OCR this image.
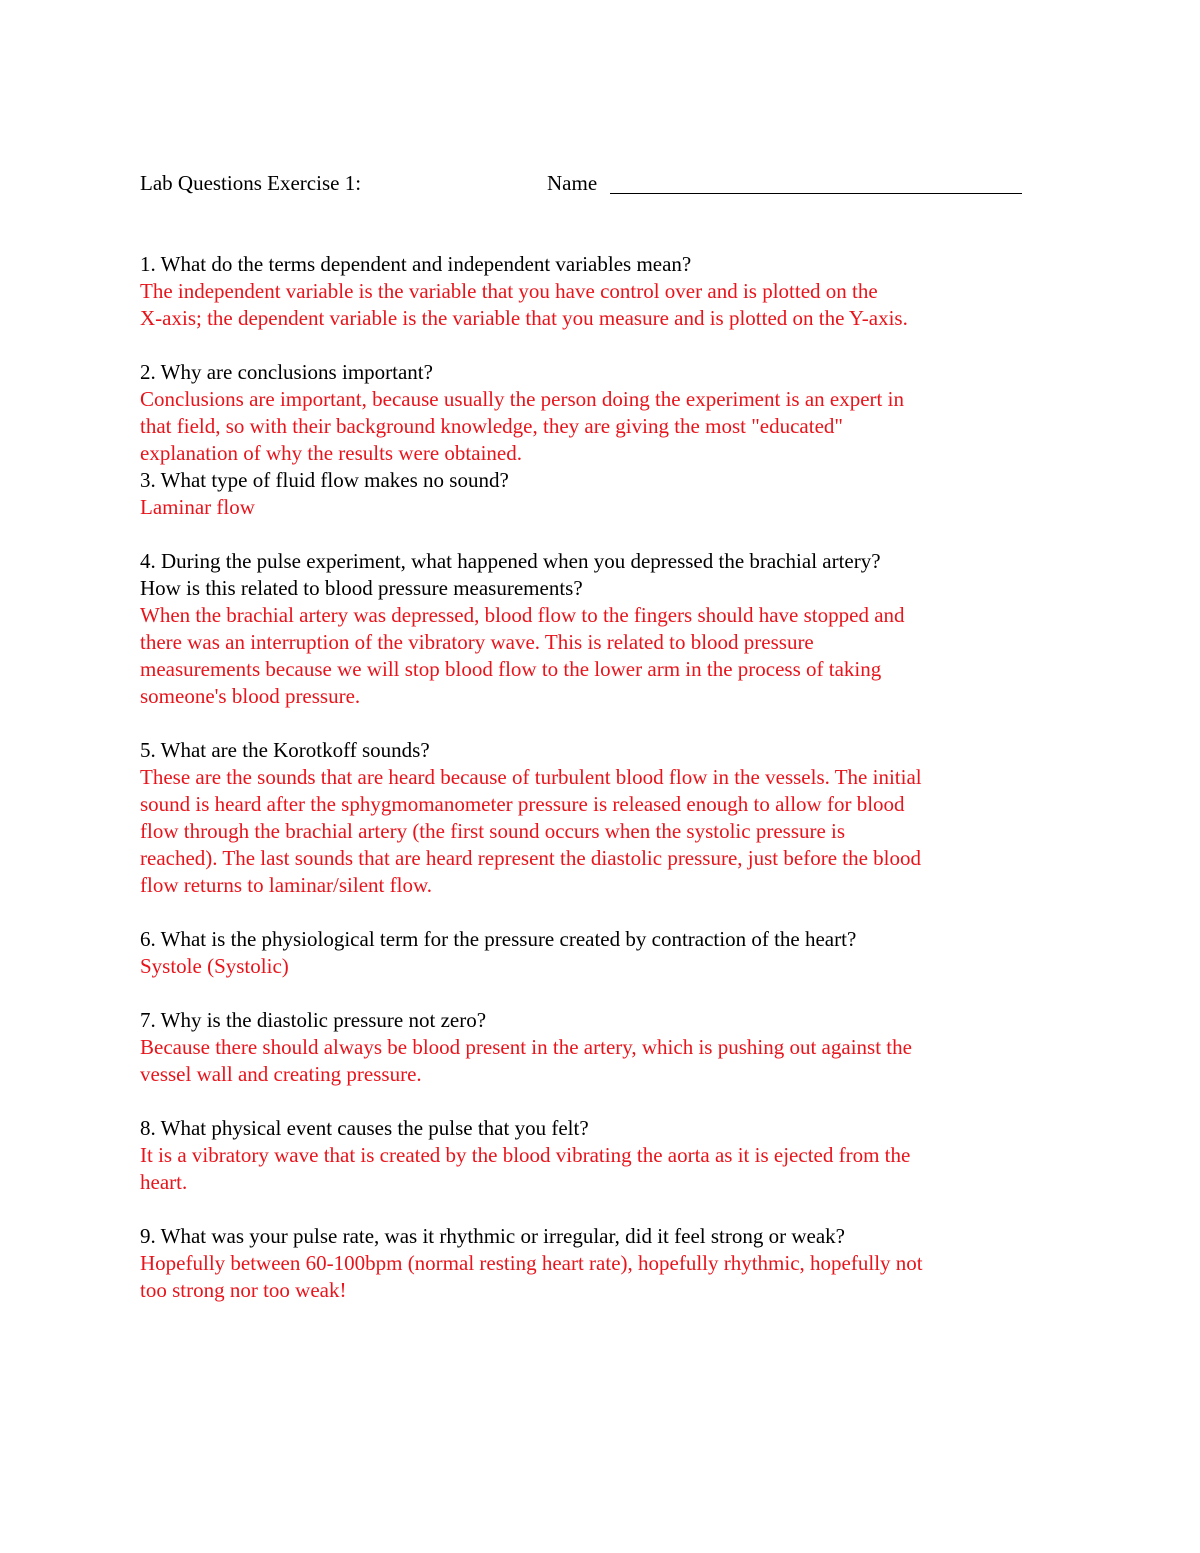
Lab Questions Exercise 1:	Name
1. What do the terms dependent and independent variables mean?
The independent variable is the variable that you have control over and is plotted on the
X-axis; the dependent variable is the variable that you measure and is plotted on the Y-axis.
2. Why are conclusions important?
Conclusions are important, because usually the person doing the experiment is an expert in
that field, so with their background knowledge, they are giving the most "educated"
explanation of why the results were obtained.
3. What type of fluid flow makes no sound?
Laminar flow
4. During the pulse experiment, what happened when you depressed the brachial artery?
How is this related to blood pressure measurements?
When the brachial artery was depressed, blood flow to the fingers should have stopped and
there was an interruption of the vibratory wave. This is related to blood pressure
measurements because we will stop blood flow to the lower arm in the process of taking
someone's blood pressure.
5. What are the Korotkoff sounds?
These are the sounds that are heard because of turbulent blood flow in the vessels. The initial
sound is heard after the sphygmomanometer pressure is released enough to allow for blood
flow through the brachial artery (the first sound occurs when the systolic pressure is
reached). The last sounds that are heard represent the diastolic pressure, just before the blood
flow returns to laminar/silent flow.
6. What is the physiological term for the pressure created by contraction of the heart?
Systole (Systolic)
7. Why is the diastolic pressure not zero?
Because there should always be blood present in the artery, which is pushing out against the
vessel wall and creating pressure.
8. What physical event causes the pulse that you felt?
It is a vibratory wave that is created by the blood vibrating the aorta as it is ejected from the
heart.
9. What was your pulse rate, was it rhythmic or irregular, did it feel strong or weak?
Hopefully between 60-100bpm (normal resting heart rate), hopefully rhythmic, hopefully not
too strong nor too weak!
